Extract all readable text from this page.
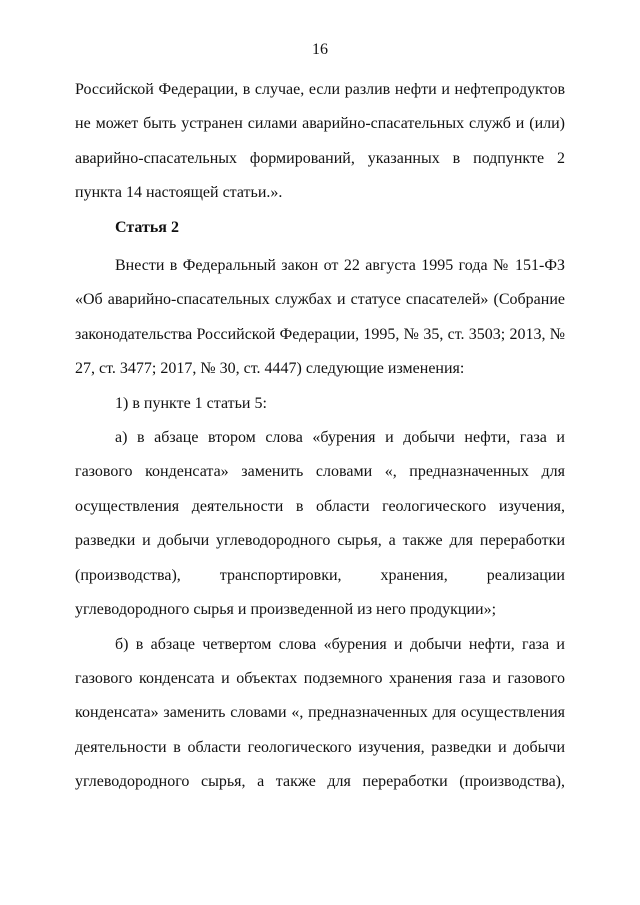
16

Российской Федерации, в случае, если разлив нефти и нефтепродуктов не может быть устранен силами аварийно-спасательных служб и (или) аварийно-спасательных формирований, указанных в подпункте 2 пункта 14 настоящей статьи.».

Статья 2

Внести в Федеральный закон от 22 августа 1995 года № 151-ФЗ «Об аварийно-спасательных службах и статусе спасателей» (Собрание законодательства Российской Федерации, 1995, № 35, ст. 3503; 2013, № 27, ст. 3477; 2017, № 30, ст. 4447) следующие изменения:

1) в пункте 1 статьи 5:

а) в абзаце втором слова «бурения и добычи нефти, газа и газового конденсата» заменить словами «, предназначенных для осуществления деятельности в области геологического изучения, разведки и добычи углеводородного сырья, а также для переработки (производства), транспортировки, хранения, реализации углеводородного сырья и произведенной из него продукции»;

б) в абзаце четвертом слова «бурения и добычи нефти, газа и газового конденсата и объектах подземного хранения газа и газового конденсата» заменить словами «, предназначенных для осуществления деятельности в области геологического изучения, разведки и добычи углеводородного сырья, а также для переработки (производства),
